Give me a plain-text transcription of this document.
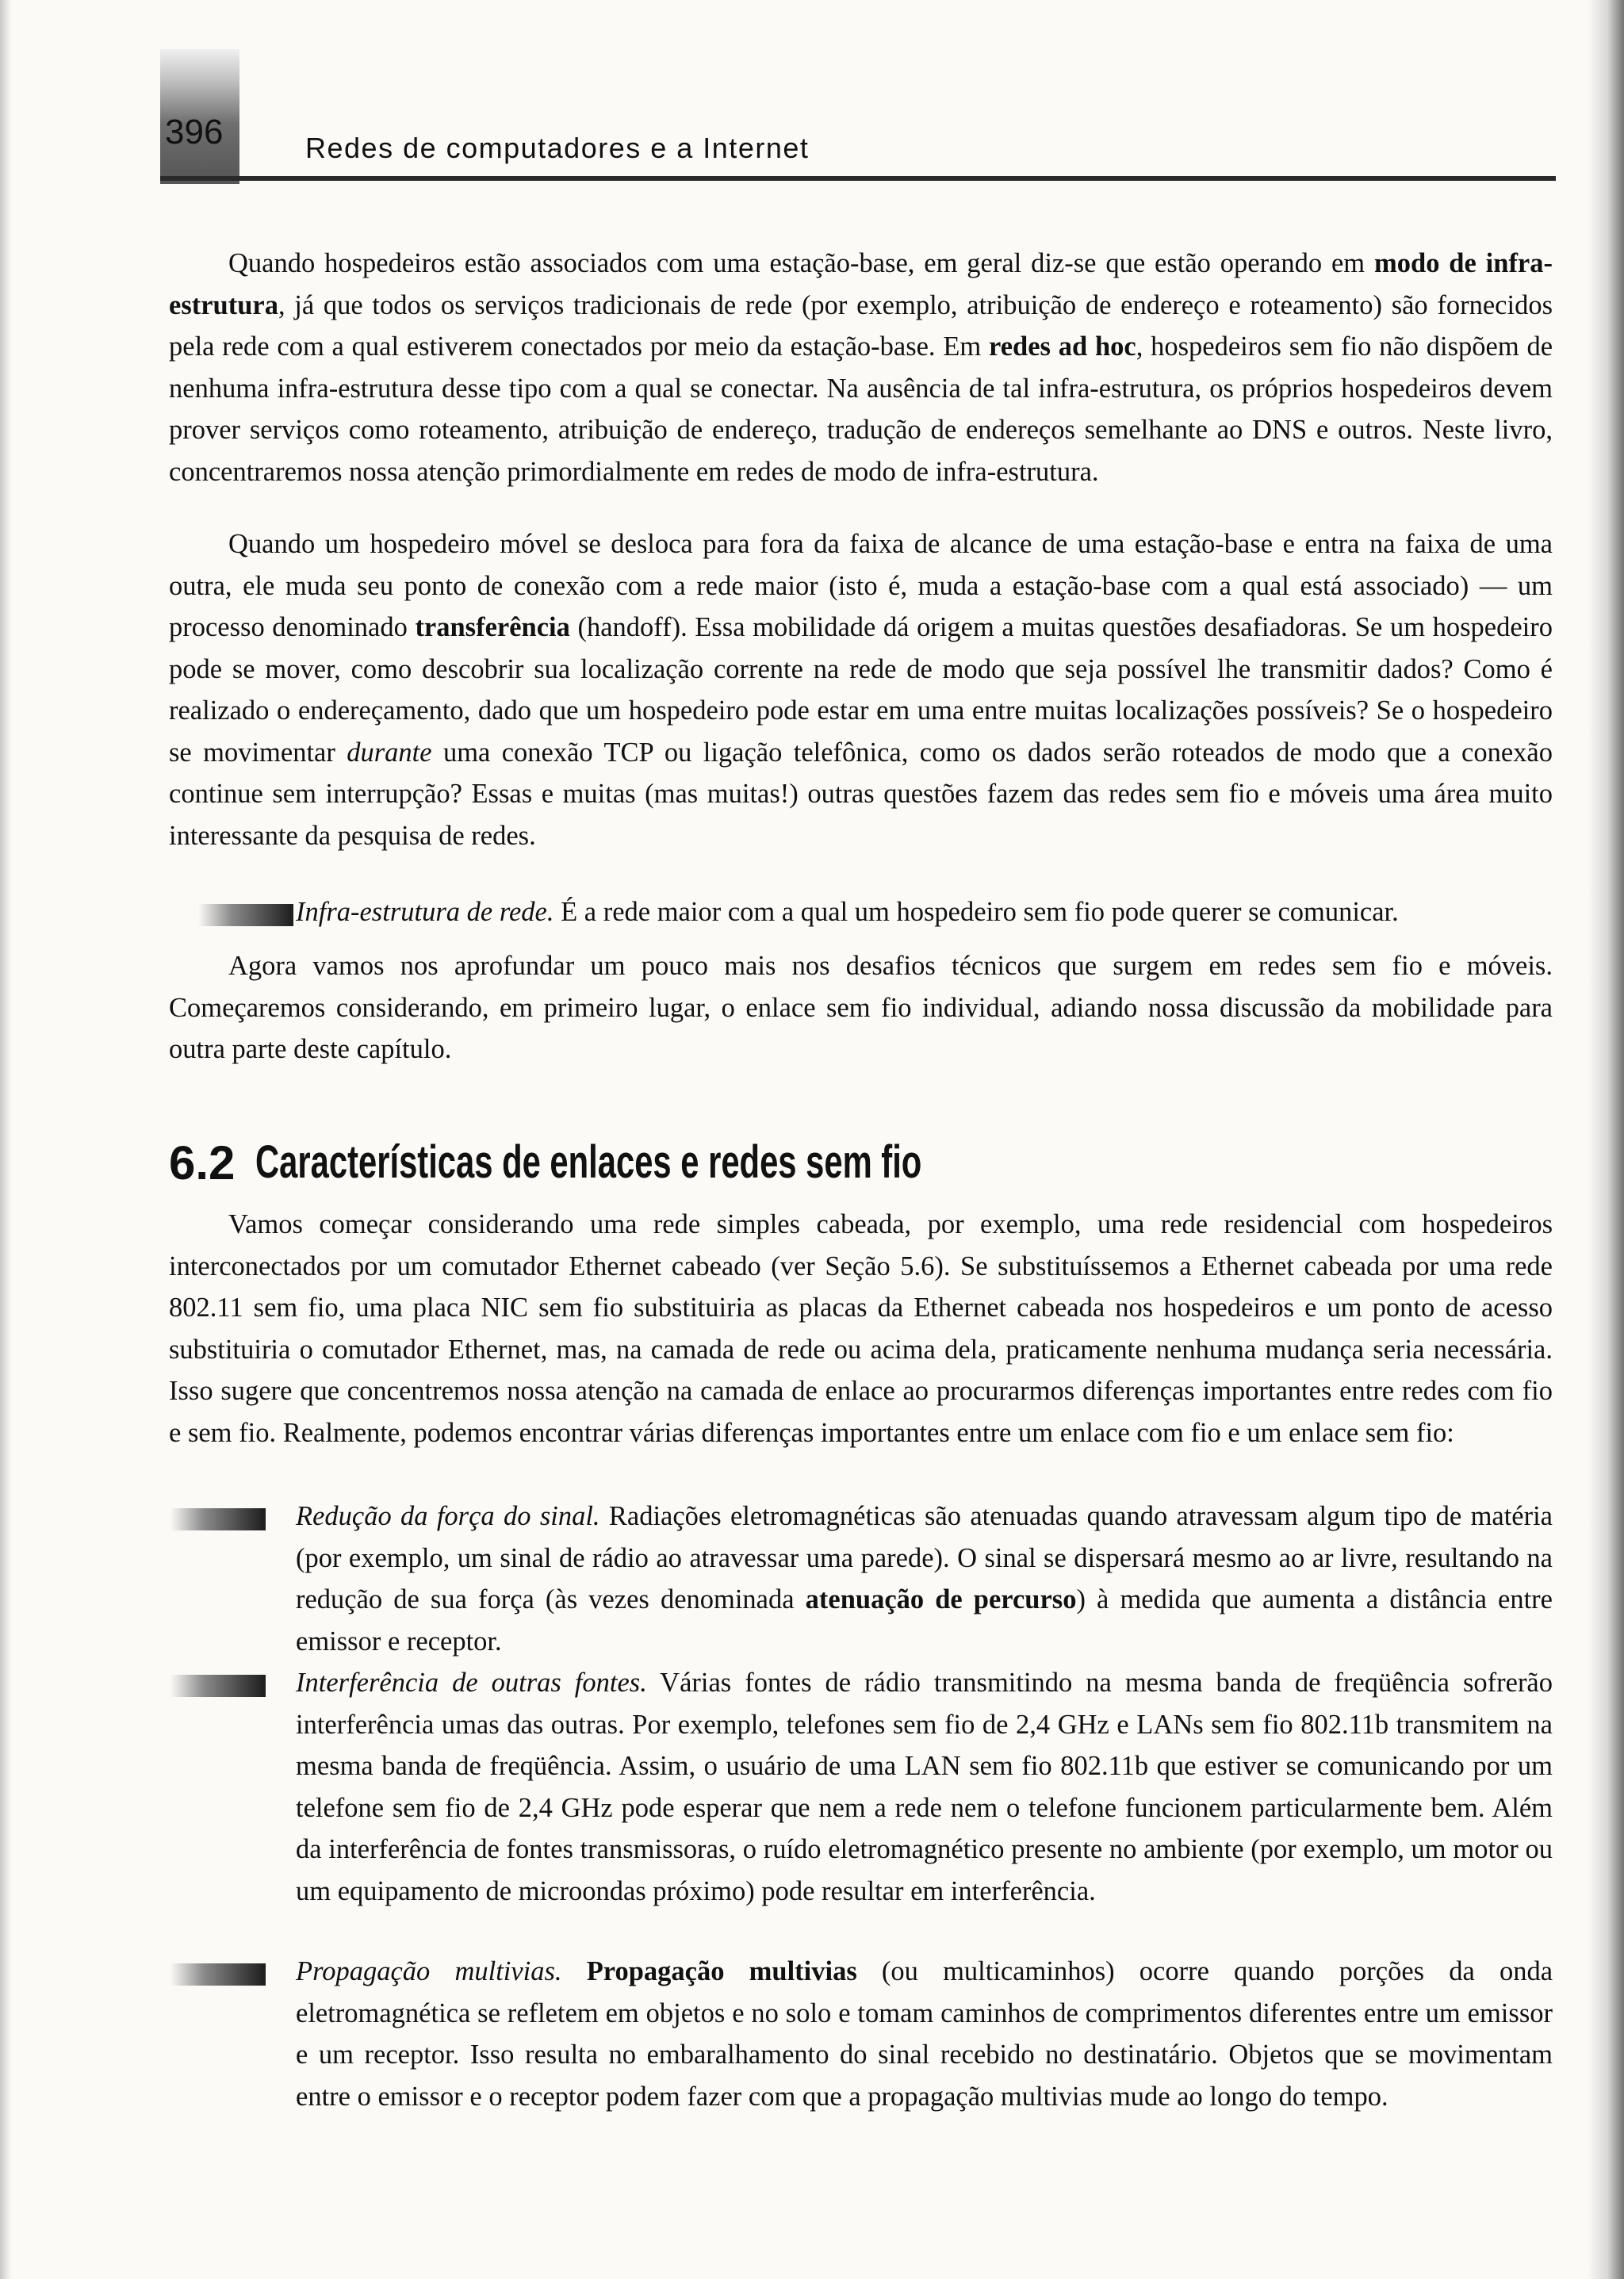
396	Redes de computadores e a Internet

Quando hospedeiros estão associados com uma estação-base, em geral diz-se que estão operando em modo de infra-estrutura, já que todos os serviços tradicionais de rede (por exemplo, atribuição de endereço e roteamento) são fornecidos pela rede com a qual estiverem conectados por meio da estação-base. Em redes ad hoc, hospedeiros sem fio não dispõem de nenhuma infra-estrutura desse tipo com a qual se conectar. Na ausência de tal infra-estrutura, os próprios hospedeiros devem prover serviços como roteamento, atribuição de endereço, tradução de endereços semelhante ao DNS e outros. Neste livro, concentraremos nossa atenção primordialmente em redes de modo de infra-estrutura.

Quando um hospedeiro móvel se desloca para fora da faixa de alcance de uma estação-base e entra na faixa de uma outra, ele muda seu ponto de conexão com a rede maior (isto é, muda a estação-base com a qual está associado) — um processo denominado transferência (handoff). Essa mobilidade dá origem a muitas questões desafiadoras. Se um hospedeiro pode se mover, como descobrir sua localização corrente na rede de modo que seja possível lhe transmitir dados? Como é realizado o endereçamento, dado que um hospedeiro pode estar em uma entre muitas localizações possíveis? Se o hospedeiro se movimentar durante uma conexão TCP ou ligação telefônica, como os dados serão roteados de modo que a conexão continue sem interrupção? Essas e muitas (mas muitas!) outras questões fazem das redes sem fio e móveis uma área muito interessante da pesquisa de redes.

Infra-estrutura de rede. É a rede maior com a qual um hospedeiro sem fio pode querer se comunicar.

Agora vamos nos aprofundar um pouco mais nos desafios técnicos que surgem em redes sem fio e móveis. Começaremos considerando, em primeiro lugar, o enlace sem fio individual, adiando nossa discussão da mobilidade para outra parte deste capítulo.

6.2 Características de enlaces e redes sem fio

Vamos começar considerando uma rede simples cabeada, por exemplo, uma rede residencial com hospedeiros interconectados por um comutador Ethernet cabeado (ver Seção 5.6). Se substituíssemos a Ethernet cabeada por uma rede 802.11 sem fio, uma placa NIC sem fio substituiria as placas da Ethernet cabeada nos hospedeiros e um ponto de acesso substituiria o comutador Ethernet, mas, na camada de rede ou acima dela, praticamente nenhuma mudança seria necessária. Isso sugere que concentremos nossa atenção na camada de enlace ao procurarmos diferenças importantes entre redes com fio e sem fio. Realmente, podemos encontrar várias diferenças importantes entre um enlace com fio e um enlace sem fio:

Redução da força do sinal. Radiações eletromagnéticas são atenuadas quando atravessam algum tipo de matéria (por exemplo, um sinal de rádio ao atravessar uma parede). O sinal se dispersará mesmo ao ar livre, resultando na redução de sua força (às vezes denominada atenuação de percurso) à medida que aumenta a distância entre emissor e receptor.

Interferência de outras fontes. Várias fontes de rádio transmitindo na mesma banda de freqüência sofrerão interferência umas das outras. Por exemplo, telefones sem fio de 2,4 GHz e LANs sem fio 802.11b transmitem na mesma banda de freqüência. Assim, o usuário de uma LAN sem fio 802.11b que estiver se comunicando por um telefone sem fio de 2,4 GHz pode esperar que nem a rede nem o telefone funcionem particularmente bem. Além da interferência de fontes transmissoras, o ruído eletromagnético presente no ambiente (por exemplo, um motor ou um equipamento de microondas próximo) pode resultar em interferência.

Propagação multivias. Propagação multivias (ou multicaminhos) ocorre quando porções da onda eletromagnética se refletem em objetos e no solo e tomam caminhos de comprimentos diferentes entre um emissor e um receptor. Isso resulta no embaralhamento do sinal recebido no destinatário. Objetos que se movimentam entre o emissor e o receptor podem fazer com que a propagação multivias mude ao longo do tempo.
